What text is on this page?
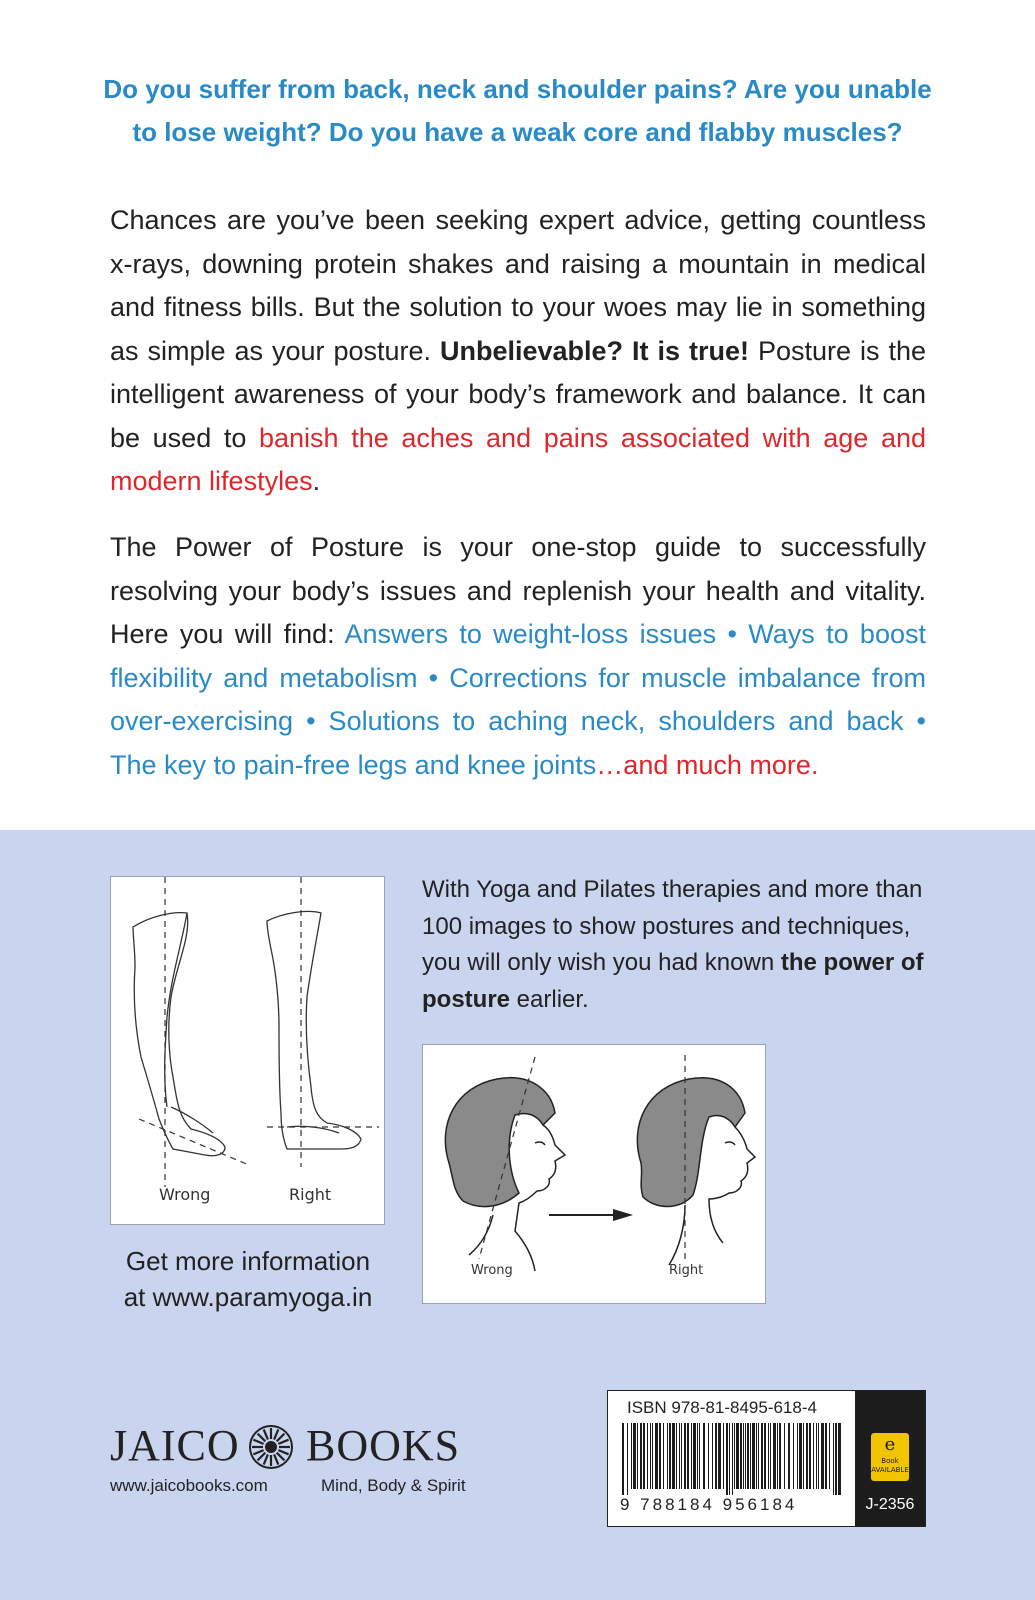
Do you suffer from back, neck and shoulder pains? Are you unable
to lose weight? Do you have a weak core and flabby muscles?
Chances are you’ve been seeking expert advice, getting countless x-rays, downing protein shakes and raising a mountain in medical and fitness bills. But the solution to your woes may lie in something as simple as your posture. Unbelievable? It is true! Posture is the intelligent awareness of your body’s framework and balance. It can be used to banish the aches and pains associated with age and modern lifestyles.
The Power of Posture is your one-stop guide to successfully resolving your body’s issues and replenish your health and vitality. Here you will find: Answers to weight-loss issues • Ways to boost flexibility and metabolism • Corrections for muscle imbalance from over-exercising • Solutions to aching neck, shoulders and back • The key to pain-free legs and knee joints…and much more.
Wrong	Right
With Yoga and Pilates therapies and more than 100 images to show postures and techniques, you will only wish you had known the power of posture earlier.
Wrong	Right
Get more information
at www.paramyoga.in
JAICO BOOKS
www.jaicobooks.com	Mind, Body & Spirit
ISBN 978-81-8495-618-4
9 788184 956184
e
Book
AVAILABLE
J-2356
